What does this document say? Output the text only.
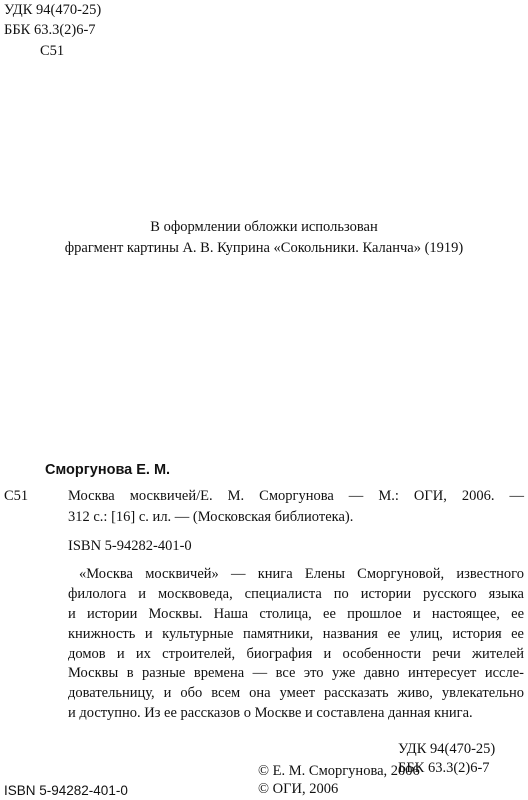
УДК 94(470-25)
ББК 63.3(2)6-7
С51
В оформлении обложки использован
фрагмент картины А. В. Куприна «Сокольники. Каланча» (1919)
Сморгунова Е. М.
С51	Москва москвичей/Е. М. Сморгунова — М.: ОГИ, 2006. —
312 с.: [16] с. ил. — (Московская библиотека).
ISBN 5-94282-401-0
«Москва москвичей» — книга Елены Сморгуновой, известного
филолога и москвоведа, специалиста по истории русского языка
и истории Москвы. Наша столица, ее прошлое и настоящее, ее
книжность и культурные памятники, названия ее улиц, история ее
домов и их строителей, биография и особенности речи жителей
Москвы в разные времена — все это уже давно интересует иссле-
довательницу, и обо всем она умеет рассказать живо, увлекательно
и доступно. Из ее рассказов о Москве и составлена данная книга.
УДК 94(470-25)
ББК 63.3(2)6-7
ISBN 5-94282-401-0
© Е. М. Сморгунова, 2006
© ОГИ, 2006
